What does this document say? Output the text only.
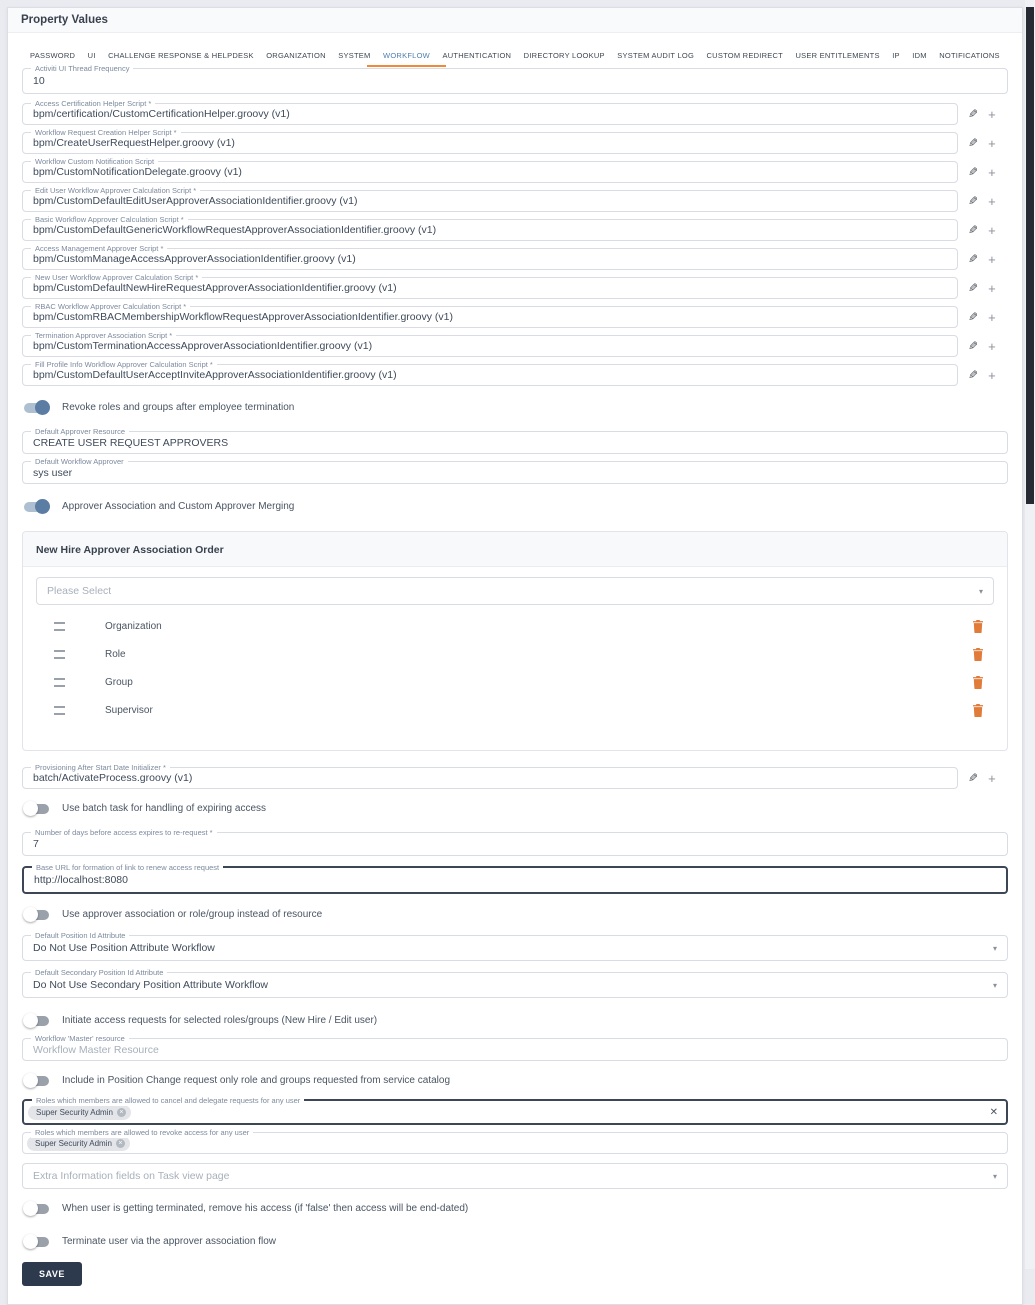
Property Values
PASSWORD UI CHALLENGE RESPONSE & HELPDESK ORGANIZATION SYSTEM WORKFLOW AUTHENTICATION DIRECTORY LOOKUP SYSTEM AUDIT LOG CUSTOM REDIRECT USER ENTITLEMENTS IP IDM NOTIFICATIONS
Activiti UI Thread Frequency
10
Access Certification Helper Script *
bpm/certification/CustomCertificationHelper.groovy (v1)	✎ +
Workflow Request Creation Helper Script *
bpm/CreateUserRequestHelper.groovy (v1)	✎ +
Workflow Custom Notification Script
bpm/CustomNotificationDelegate.groovy (v1)	✎ +
Edit User Workflow Approver Calculation Script *
bpm/CustomDefaultEditUserApproverAssociationIdentifier.groovy (v1)	✎ +
Basic Workflow Approver Calculation Script *
bpm/CustomDefaultGenericWorkflowRequestApproverAssociationIdentifier.groovy (v1)	✎ +
Access Management Approver Script *
bpm/CustomManageAccessApproverAssociationIdentifier.groovy (v1)	✎ +
New User Workflow Approver Calculation Script *
bpm/CustomDefaultNewHireRequestApproverAssociationIdentifier.groovy (v1)	✎ +
RBAC Workflow Approver Calculation Script *
bpm/CustomRBACMembershipWorkflowRequestApproverAssociationIdentifier.groovy (v1)	✎ +
Termination Approver Association Script *
bpm/CustomTerminationAccessApproverAssociationIdentifier.groovy (v1)	✎ +
Fill Profile Info Workflow Approver Calculation Script *
bpm/CustomDefaultUserAcceptInviteApproverAssociationIdentifier.groovy (v1)	✎ +
Revoke roles and groups after employee termination
Default Approver Resource
CREATE USER REQUEST APPROVERS
Default Workflow Approver
sys user
Approver Association and Custom Approver Merging
New Hire Approver Association Order
Please Select	▾
Organization
Role
Group
Supervisor
Provisioning After Start Date Initializer *
batch/ActivateProcess.groovy (v1)	✎ +
Use batch task for handling of expiring access
Number of days before access expires to re-request *
7
Base URL for formation of link to renew access request
http://localhost:8080
Use approver association or role/group instead of resource
Default Position Id Attribute
Do Not Use Position Attribute Workflow	▾
Default Secondary Position Id Attribute
Do Not Use Secondary Position Attribute Workflow	▾
Initiate access requests for selected roles/groups (New Hire / Edit user)
Workflow 'Master' resource
Workflow Master Resource
Include in Position Change request only role and groups requested from service catalog
Roles which members are allowed to cancel and delegate requests for any user
Super Security Admin ×	✕
Roles which members are allowed to revoke access for any user
Super Security Admin ×
Extra Information fields on Task view page	▾
When user is getting terminated, remove his access (if 'false' then access will be end-dated)
Terminate user via the approver association flow
SAVE
